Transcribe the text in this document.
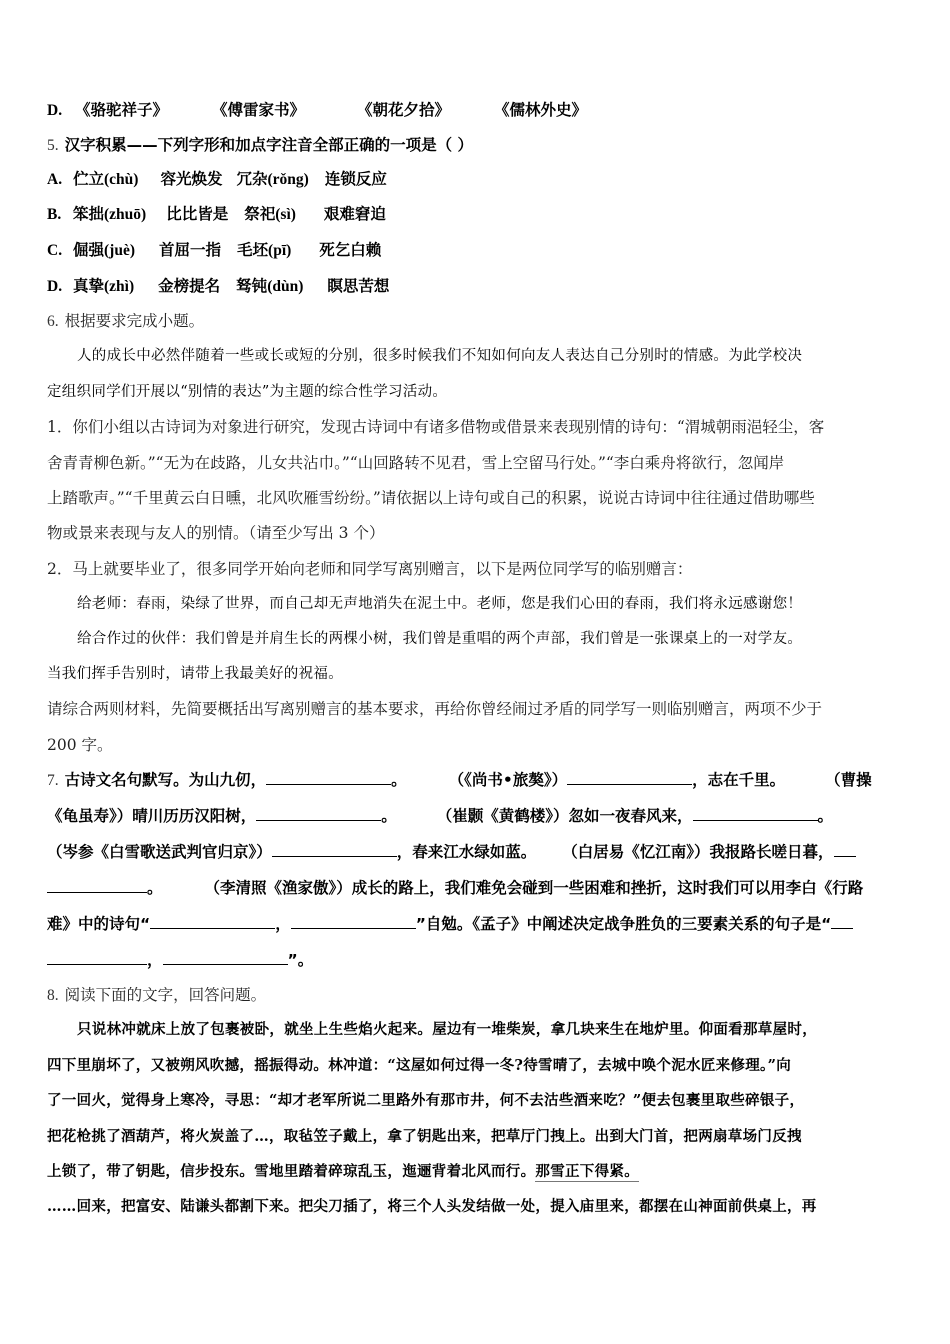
D. 《骆驼祥子》	《傅雷家书》	《朝花夕拾》	《儒林外史》
5. 汉字积累——下列字形和加点字注音全部正确的一项是（ ）
A. 伫立(chù) 容光焕发 冗杂(rǒng) 连锁反应
B. 笨拙(zhuō) 比比皆是 祭祀(sì) 艰难窘迫
C. 倔强(juè) 首屈一指 毛坯(pī) 死乞白赖
D. 真挚(zhì) 金榜提名 驽钝(dùn) 瞑思苦想
6. 根据要求完成小题。
人的成长中必然伴随着一些或长或短的分别，很多时候我们不知如何向友人表达自己分别时的情感。为此学校决
定组织同学们开展以“别情的表达”为主题的综合性学习活动。
1．你们小组以古诗词为对象进行研究，发现古诗词中有诸多借物或借景来表现别情的诗句：“渭城朝雨浥轻尘，客
舍青青柳色新。”“无为在歧路，儿女共沾巾。”“山回路转不见君，雪上空留马行处。”“李白乘舟将欲行，忽闻岸
上踏歌声。”“千里黄云白日曛，北风吹雁雪纷纷。”请依据以上诗句或自己的积累，说说古诗词中往往通过借助哪些
物或景来表现与友人的别情。（请至少写出 3 个）
2．马上就要毕业了，很多同学开始向老师和同学写离别赠言，以下是两位同学写的临别赠言：
给老师：春雨，染绿了世界，而自己却无声地消失在泥土中。老师，您是我们心田的春雨，我们将永远感谢您！
给合作过的伙伴：我们曾是并肩生长的两棵小树，我们曾是重唱的两个声部，我们曾是一张课桌上的一对学友。
当我们挥手告别时，请带上我最美好的祝福。
请综合两则材料，先简要概括出写离别赠言的基本要求，再给你曾经闹过矛盾的同学写一则临别赠言，两项不少于
200 字。
7. 古诗文名句默写。为山九仞，	。	（《尚书•旅獒》）	，志在千里。	（曹操
《龟虽寿》）晴川历历汉阳树，	。	（崔颢《黄鹤楼》）忽如一夜春风来，	。
（岑参《白雪歌送武判官归京》）	，春来江水绿如蓝。 （白居易《忆江南》）我报路长嗟日暮，
。	（李清照《渔家傲》）成长的路上，我们难免会碰到一些困难和挫折，这时我们可以用李白《行路
难》中的诗句“	，	”自勉。《孟子》中阐述决定战争胜负的三要素关系的句子是“
，	”。
8. 阅读下面的文字，回答问题。
只说林冲就床上放了包裹被卧，就坐上生些焰火起来。屋边有一堆柴炭，拿几块来生在地炉里。仰面看那草屋时，
四下里崩坏了，又被朔风吹撼，摇振得动。林冲道：“这屋如何过得一冬?待雪晴了，去城中唤个泥水匠来修理。”向
了一回火，觉得身上寒冷，寻思：“却才老军所说二里路外有那市井，何不去沽些酒来吃？”便去包裹里取些碎银子，
把花枪挑了酒葫芦，将火炭盖了…，取毡笠子戴上，拿了钥匙出来，把草厅门拽上。出到大门首，把两扇草场门反拽
上锁了，带了钥匙，信步投东。雪地里踏着碎琼乱玉，迤逦背着北风而行。那雪正下得紧。
……回来，把富安、陆谦头都割下来。把尖刀插了，将三个人头发结做一处，提入庙里来，都摆在山神面前供桌上，再
